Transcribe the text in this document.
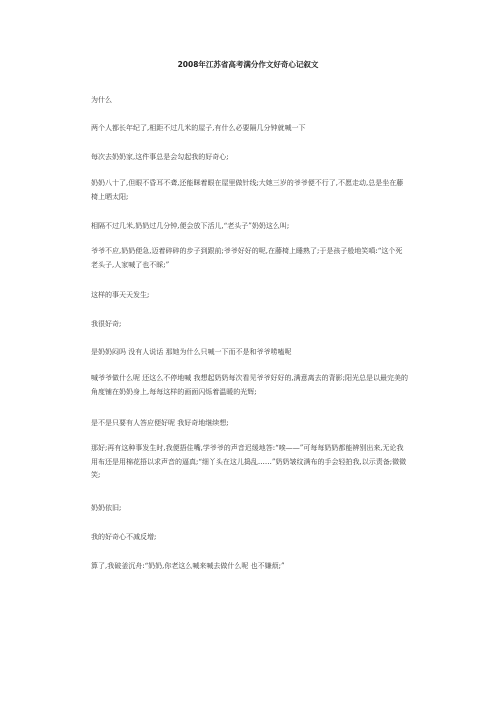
2008年江苏省高考满分作文好奇心记叙文
为什么
两个人都长年纪了,相距不过几米的屋子,有什么必要隔几分钟就喊一下
每次去奶奶家,这件事总是会勾起我的好奇心;
奶奶八十了,但眼不昏耳不聋,还能眯着眼在屋里做针线;大她三岁的爷爷便不行了,不愿走动,总是坐在藤椅上晒太阳;
相隔不过几米,奶奶过几分钟,便会放下活儿,“老头子”奶奶这么叫;
爷爷不应,奶奶便急,迈着碎碎的步子到跟前;爷爷好好的呢,在藤椅上睡熟了;于是孩子般地笑嗔:“这个死老头子,人家喊了也不睬;”
这样的事天天发生;
我很好奇;
是奶奶闷吗 没有人说话 那她为什么只喊一下而不是和爷爷唠嗑呢
喊爷爷做什么呢 还这么不停地喊 我想起奶奶每次看见爷爷好好的,满意离去的背影;阳光总是以最完美的角度铺在奶奶身上,每每这样的画面闪烁着温暖的光辉;
是不是只要有人答应便好呢 我好奇地继续想;
那好;再有这种事发生时,我便捂住嘴,学爷爷的声音迟缓地答:“唉——”可每每奶奶都能辨别出来,无论我用布还是用棉花捂以求声音的逼真;“细丫头在这儿捣乱……”奶奶皱纹满布的手会轻拍我,以示责备;微微笑;
奶奶依旧;
我的好奇心不减反增;
算了,我破釜沉舟:“奶奶,你老这么喊来喊去做什么呢 也不嫌烦;”
